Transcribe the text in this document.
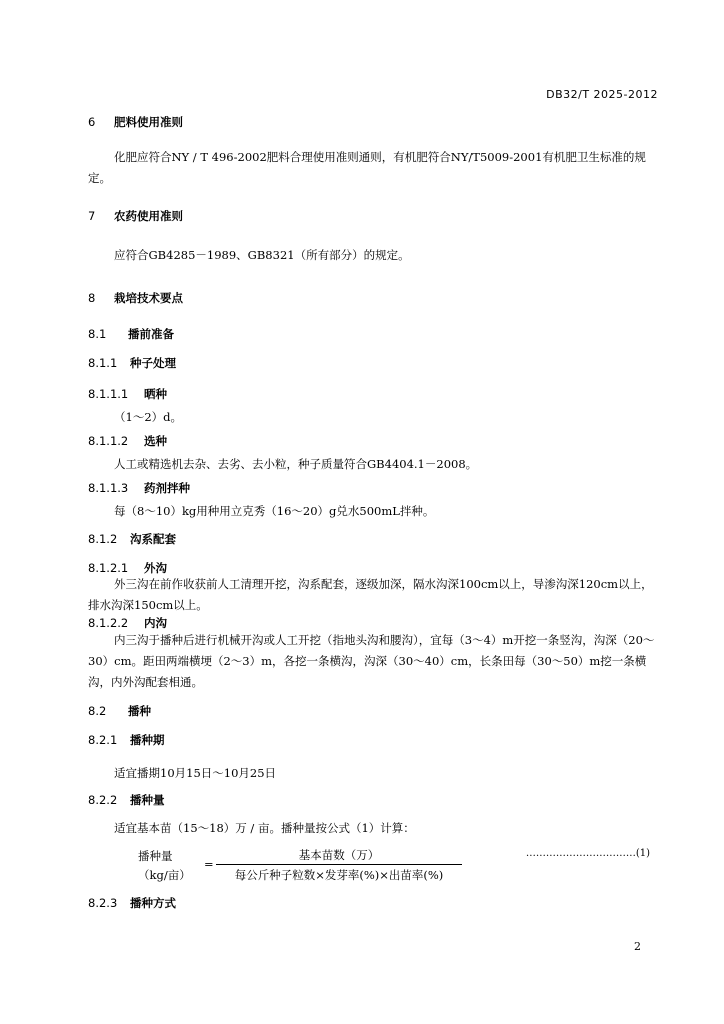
DB32/T 2025-2012
6 肥料使用准则
化肥应符合NY / T 496-2002肥料合理使用准则通则，有机肥符合NY/T5009-2001有机肥卫生标准的规定。
7 农药使用准则
应符合GB4285－1989、GB8321（所有部分）的规定。
8 栽培技术要点
8.1 播前准备
8.1.1 种子处理
8.1.1.1 晒种
（1～2）d。
8.1.1.2 选种
人工或精选机去杂、去劣、去小粒，种子质量符合GB4404.1－2008。
8.1.1.3 药剂拌种
每（8～10）kg用种用立克秀（16～20）g兑水500mL拌种。
8.1.2 沟系配套
8.1.2.1 外沟
外三沟在前作收获前人工清理开挖，沟系配套，逐级加深，隔水沟深100cm以上，导渗沟深120cm以上，排水沟深150cm以上。
8.1.2.2 内沟
内三沟于播种后进行机械开沟或人工开挖（指地头沟和腰沟），宜每（3～4）m开挖一条竖沟，沟深（20～30）cm。距田两端横埂（2～3）m，各挖一条横沟，沟深（30～40）cm，长条田每（30～50）m挖一条横沟，内外沟配套相通。
8.2 播种
8.2.1 播种期
适宜播期10月15日～10月25日
8.2.2 播种量
适宜基本苗（15～18）万 / 亩。播种量按公式（1）计算：
播种量
（kg/亩）
=
基本苗数（万）
每公斤种子粒数×发芽率(%)×出苗率(%)
……………………………(1)
8.2.3 播种方式
2
